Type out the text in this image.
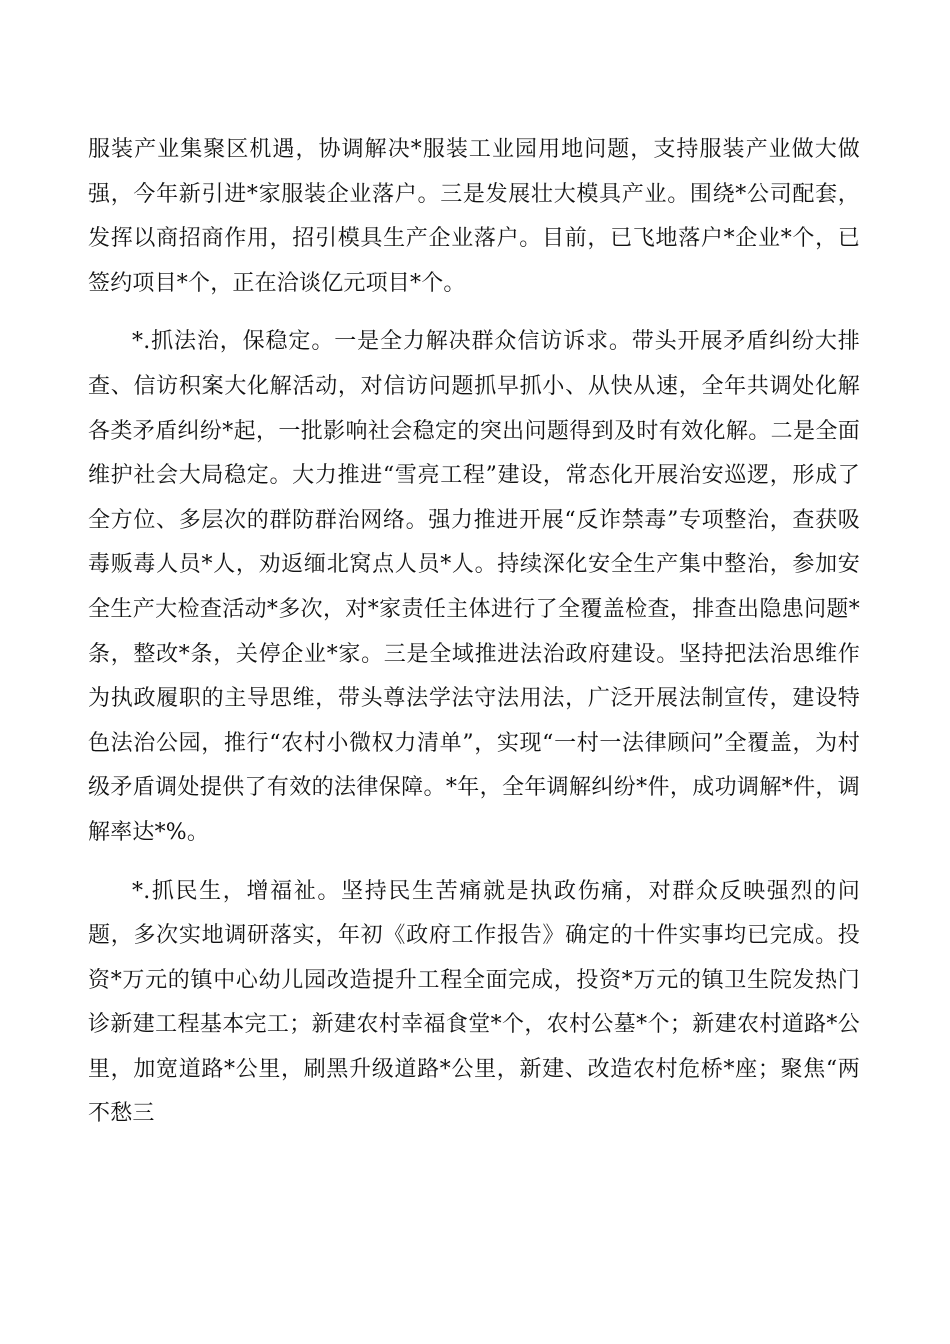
服装产业集聚区机遇，协调解决*服装工业园用地问题，支持服装产业做大做强，今年新引进*家服装企业落户。三是发展壮大模具产业。围绕*公司配套，发挥以商招商作用，招引模具生产企业落户。目前，已飞地落户*企业*个，已签约项目*个，正在洽谈亿元项目*个。

*.抓法治，保稳定。一是全力解决群众信访诉求。带头开展矛盾纠纷大排查、信访积案大化解活动，对信访问题抓早抓小、从快从速，全年共调处化解各类矛盾纠纷*起，一批影响社会稳定的突出问题得到及时有效化解。二是全面维护社会大局稳定。大力推进“雪亮工程”建设，常态化开展治安巡逻，形成了全方位、多层次的群防群治网络。强力推进开展“反诈禁毒”专项整治，查获吸毒贩毒人员*人，劝返缅北窝点人员*人。持续深化安全生产集中整治，参加安全生产大检查活动*多次，对*家责任主体进行了全覆盖检查，排查出隐患问题*条，整改*条，关停企业*家。三是全域推进法治政府建设。坚持把法治思维作为执政履职的主导思维，带头尊法学法守法用法，广泛开展法制宣传，建设特色法治公园，推行“农村小微权力清单”，实现“一村一法律顾问”全覆盖，为村级矛盾调处提供了有效的法律保障。*年，全年调解纠纷*件，成功调解*件，调解率达*%。

*.抓民生，增福祉。坚持民生苦痛就是执政伤痛，对群众反映强烈的问题，多次实地调研落实，年初《政府工作报告》确定的十件实事均已完成。投资*万元的镇中心幼儿园改造提升工程全面完成，投资*万元的镇卫生院发热门诊新建工程基本完工；新建农村幸福食堂*个，农村公墓*个；新建农村道路*公里，加宽道路*公里，刷黑升级道路*公里，新建、改造农村危桥*座；聚焦“两不愁三
